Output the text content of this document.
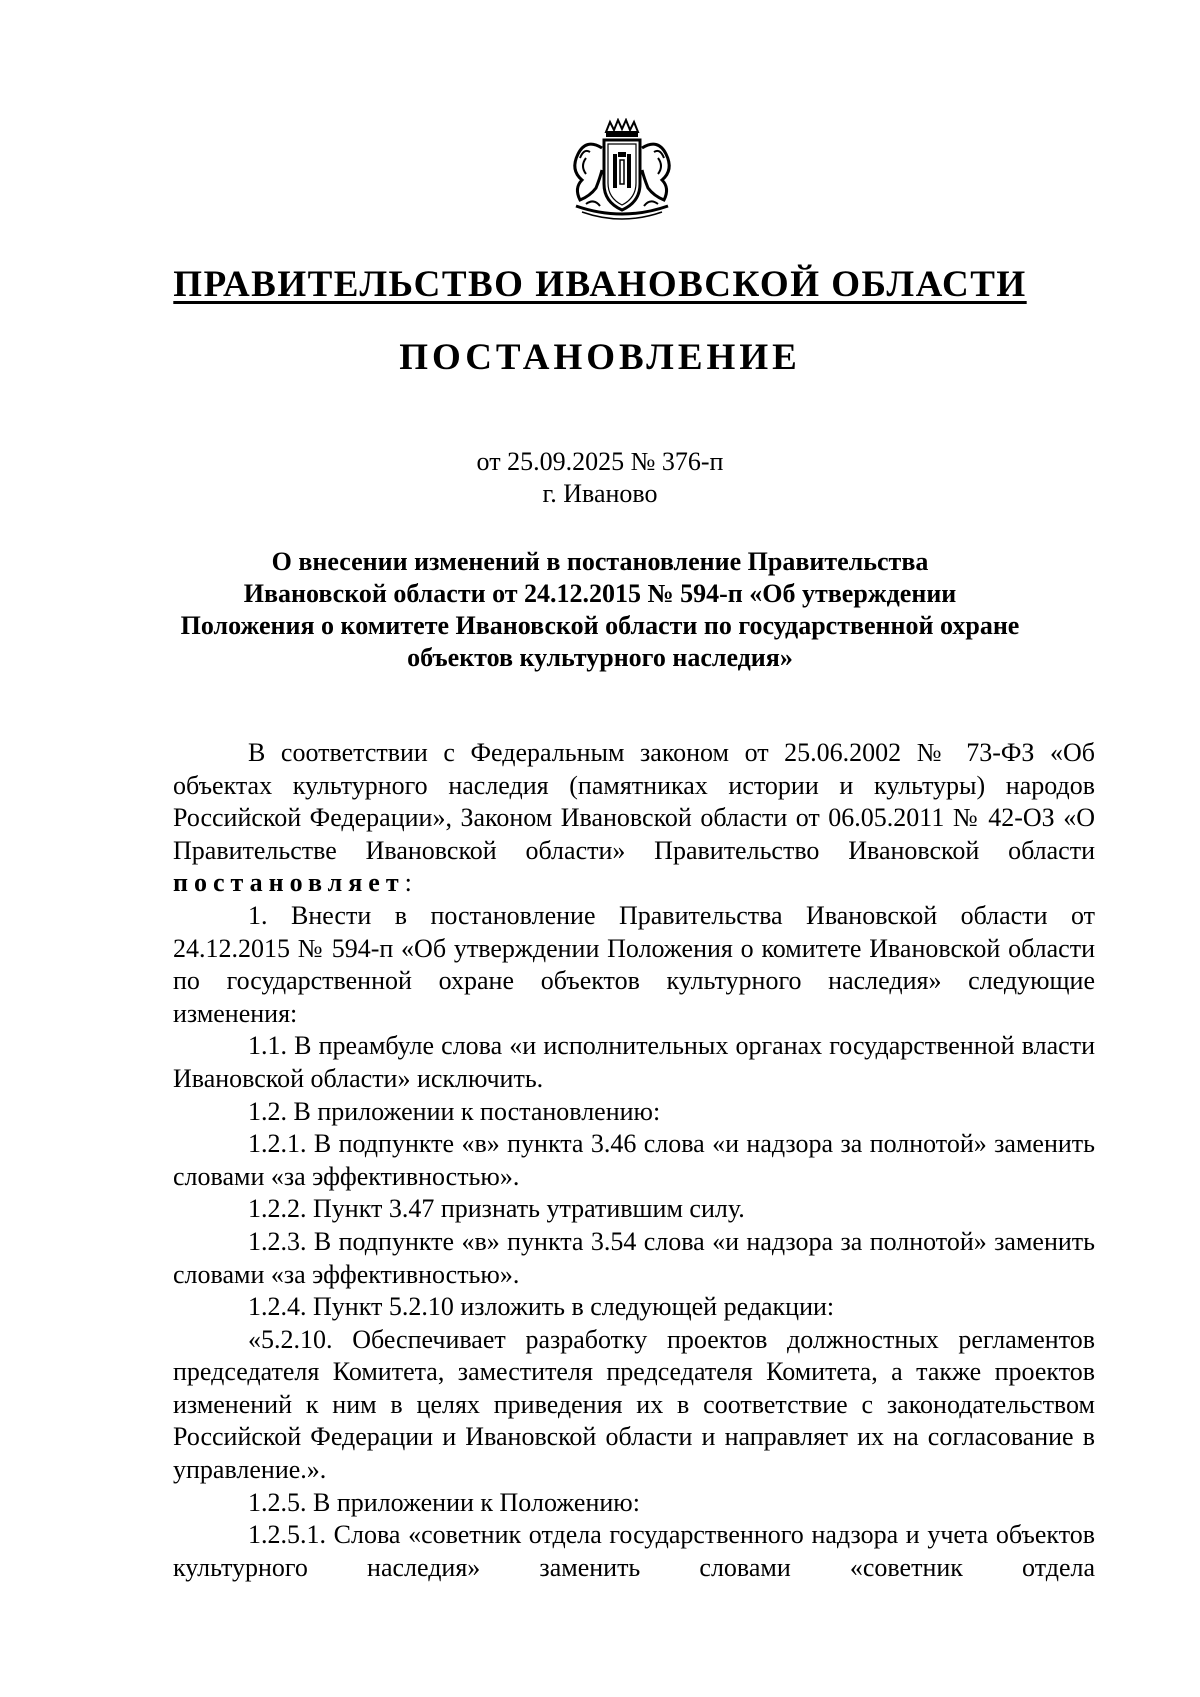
ПРАВИТЕЛЬСТВО ИВАНОВСКОЙ ОБЛАСТИ
ПОСТАНОВЛЕНИЕ
от 25.09.2025 № 376-п
г. Иваново
О внесении изменений в постановление Правительства
Ивановской области от 24.12.2015 № 594-п «Об утверждении
Положения о комитете Ивановской области по государственной охране
объектов культурного наследия»

В соответствии с Федеральным законом от 25.06.2002 № 73-ФЗ «Об объектах культурного наследия (памятниках истории и культуры) народов Российской Федерации», Законом Ивановской области от 06.05.2011 № 42-ОЗ «О Правительстве Ивановской области» Правительство Ивановской области постановляет:

1. Внести в постановление Правительства Ивановской области от 24.12.2015 № 594-п «Об утверждении Положения о комитете Ивановской области по государственной охране объектов культурного наследия» следующие изменения:

1.1. В преамбуле слова «и исполнительных органах государственной власти Ивановской области» исключить.

1.2. В приложении к постановлению:

1.2.1. В подпункте «в» пункта 3.46 слова «и надзора за полнотой» заменить словами «за эффективностью».

1.2.2. Пункт 3.47 признать утратившим силу.

1.2.3. В подпункте «в» пункта 3.54 слова «и надзора за полнотой» заменить словами «за эффективностью».

1.2.4. Пункт 5.2.10 изложить в следующей редакции:

«5.2.10. Обеспечивает разработку проектов должностных регламентов председателя Комитета, заместителя председателя Комитета, а также проектов изменений к ним в целях приведения их в соответствие с законодательством Российской Федерации и Ивановской области и направляет их на согласование в управление.».

1.2.5. В приложении к Положению:

1.2.5.1. Слова «советник отдела государственного надзора и учета объектов культурного наследия» заменить словами «советник отдела
